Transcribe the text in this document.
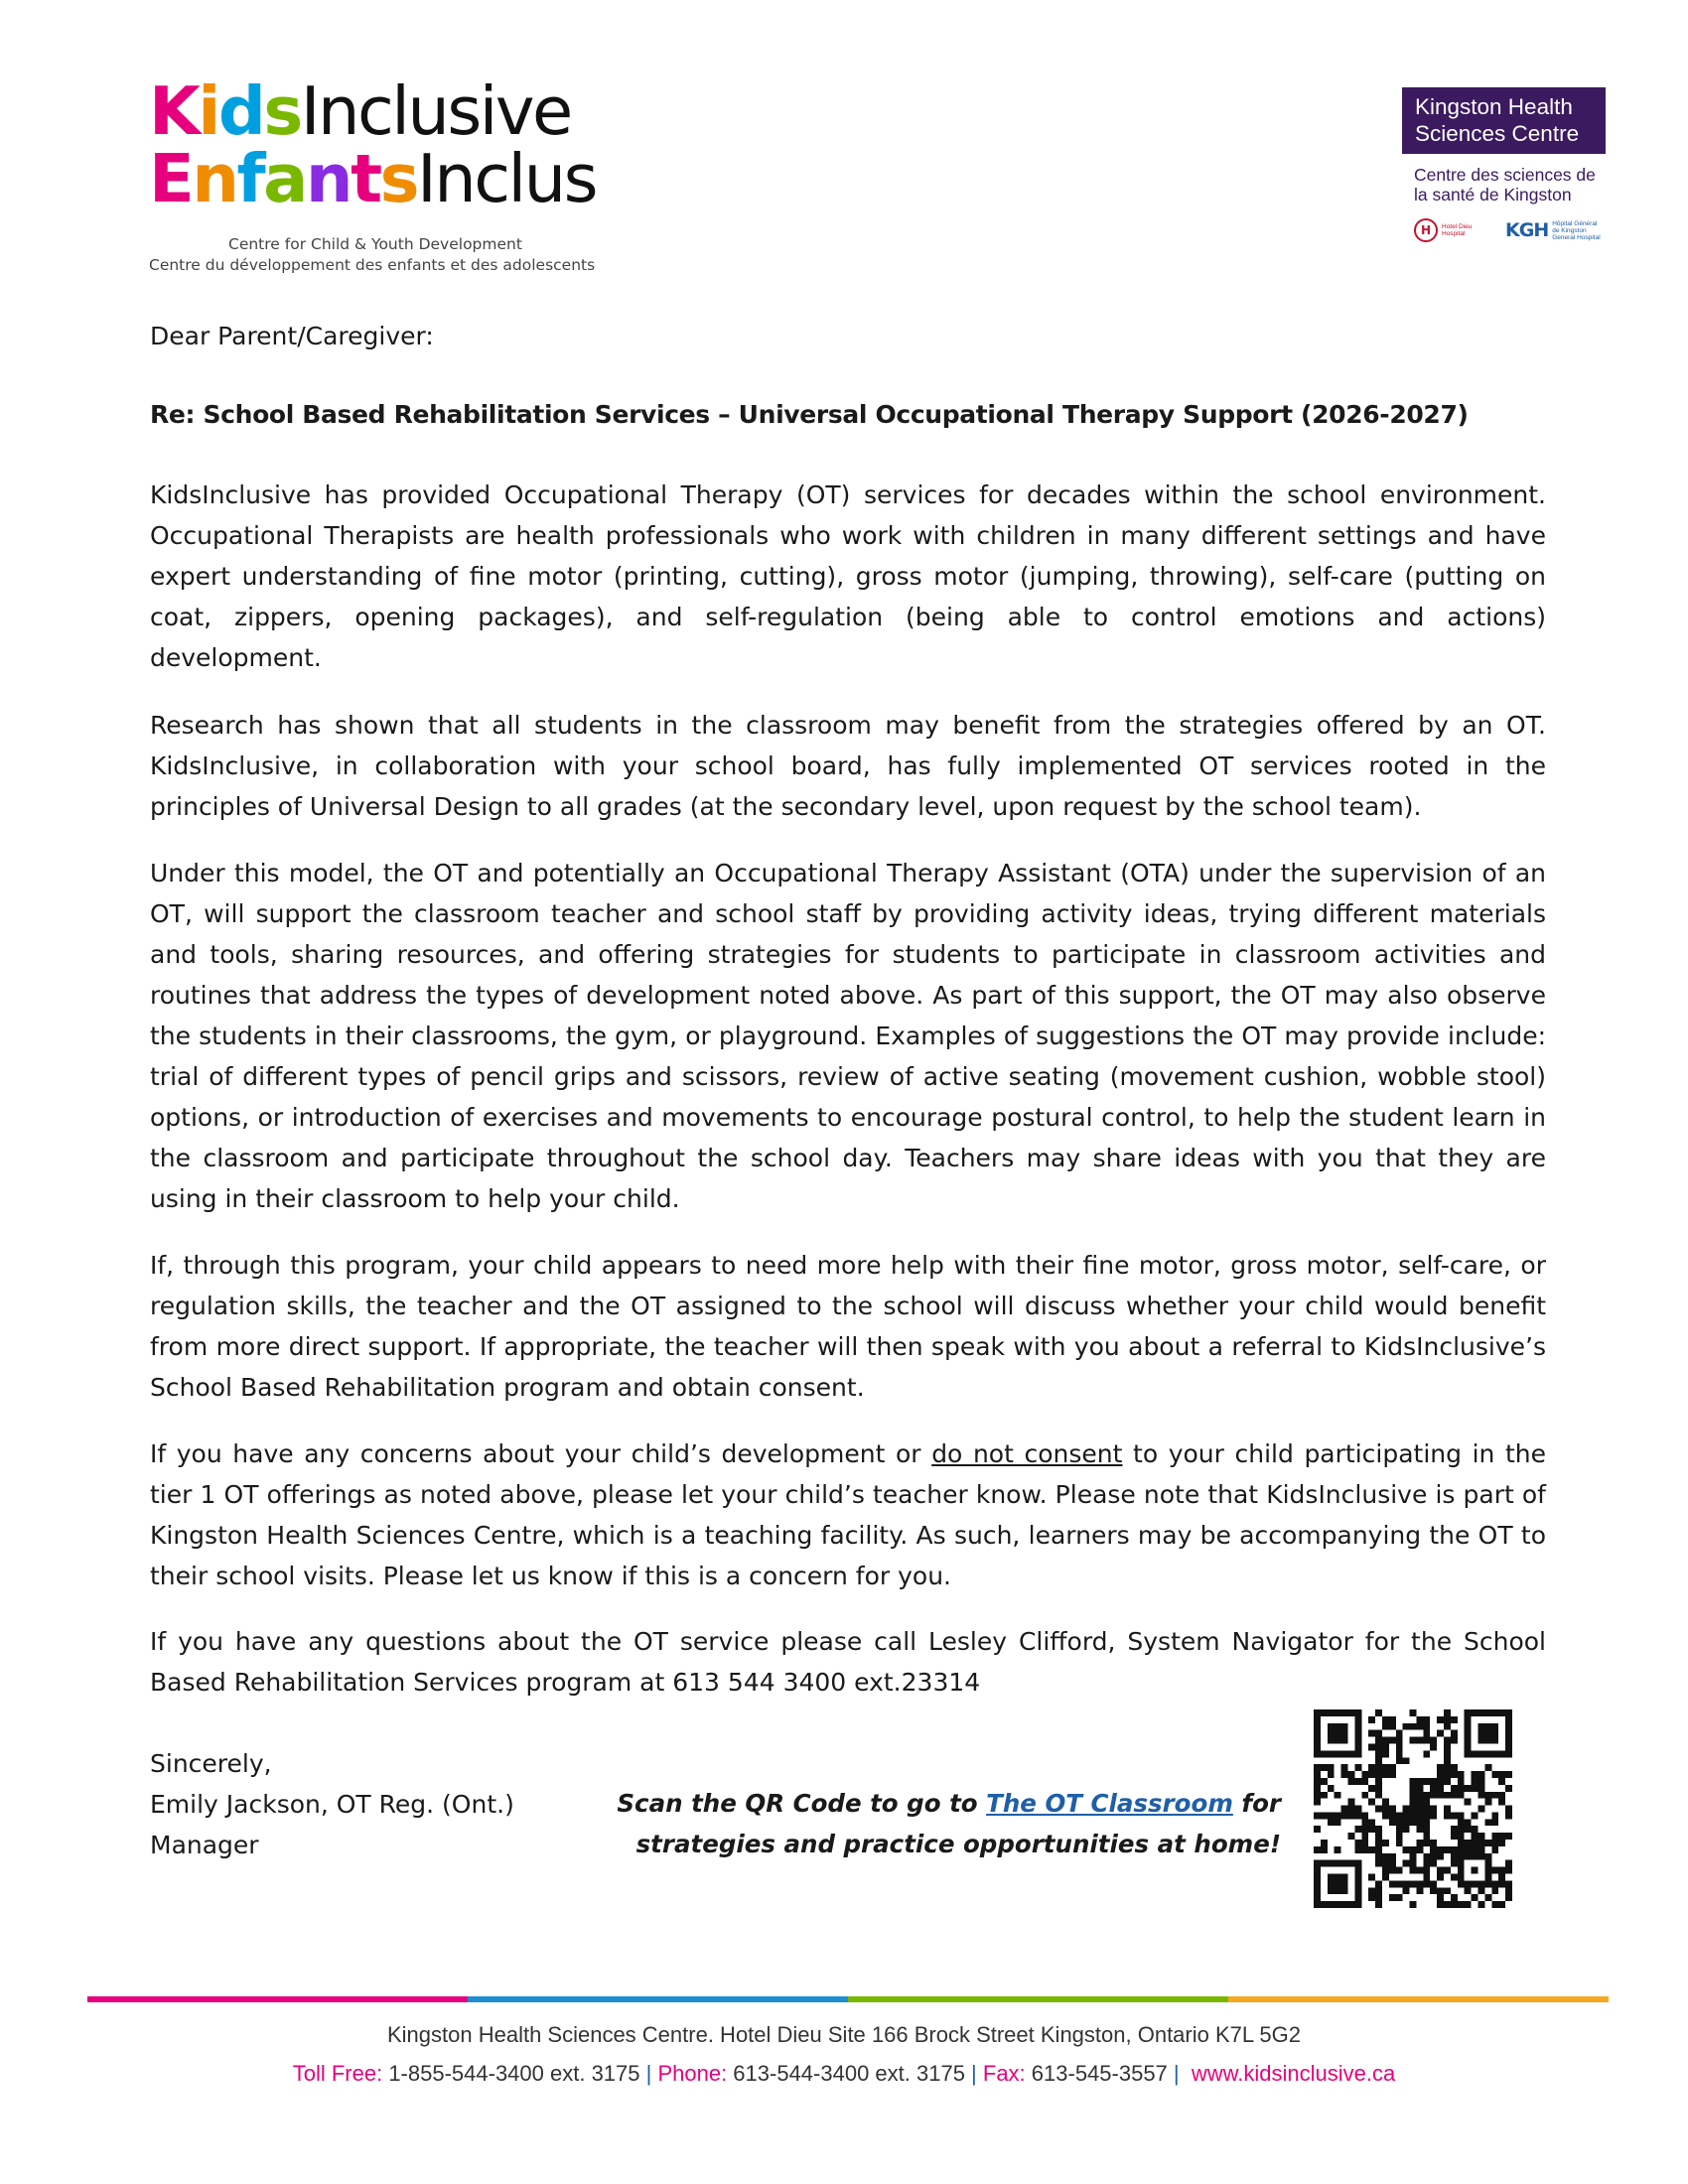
KidsInclusive
EnfantsInclus
Centre for Child & Youth Development
Centre du développement des enfants et des adolescents
Kingston Health
Sciences Centre
Centre des sciences de
la santé de Kingston
H	Hotel Dieu Hospital	KGH Hôpital Général de Kingston General Hospital
Dear Parent/Caregiver:
Re: School Based Rehabilitation Services – Universal Occupational Therapy Support (2026-2027)

KidsInclusive has provided Occupational Therapy (OT) services for decades within the school environment. Occupational Therapists are health professionals who work with children in many different settings and have expert understanding of fine motor (printing, cutting), gross motor (jumping, throwing), self-care (putting on coat, zippers, opening packages), and self-regulation (being able to control emotions and actions) development.

Research has shown that all students in the classroom may benefit from the strategies offered by an OT. KidsInclusive, in collaboration with your school board, has fully implemented OT services rooted in the principles of Universal Design to all grades (at the secondary level, upon request by the school team).

Under this model, the OT and potentially an Occupational Therapy Assistant (OTA) under the supervision of an OT, will support the classroom teacher and school staff by providing activity ideas, trying different materials and tools, sharing resources, and offering strategies for students to participate in classroom activities and routines that address the types of development noted above. As part of this support, the OT may also observe the students in their classrooms, the gym, or playground. Examples of suggestions the OT may provide include: trial of different types of pencil grips and scissors, review of active seating (movement cushion, wobble stool) options, or introduction of exercises and movements to encourage postural control, to help the student learn in the classroom and participate throughout the school day. Teachers may share ideas with you that they are using in their classroom to help your child.

If, through this program, your child appears to need more help with their fine motor, gross motor, self-care, or regulation skills, the teacher and the OT assigned to the school will discuss whether your child would benefit from more direct support. If appropriate, the teacher will then speak with you about a referral to KidsInclusive’s School Based Rehabilitation program and obtain consent.

If you have any concerns about your child’s development or do not consent to your child participating in the tier 1 OT offerings as noted above, please let your child’s teacher know. Please note that KidsInclusive is part of Kingston Health Sciences Centre, which is a teaching facility. As such, learners may be accompanying the OT to their school visits. Please let us know if this is a concern for you.

If you have any questions about the OT service please call Lesley Clifford, System Navigator for the School Based Rehabilitation Services program at 613 544 3400 ext.23314

Sincerely,
Emily Jackson, OT Reg. (Ont.)
Manager
Scan the QR Code to go to The OT Classroom for
strategies and practice opportunities at home!
Kingston Health Sciences Centre. Hotel Dieu Site 166 Brock Street Kingston, Ontario K7L 5G2
Toll Free: 1-855-544-3400 ext. 3175 | Phone: 613-544-3400 ext. 3175 | Fax: 613-545-3557 | www.kidsinclusive.ca
